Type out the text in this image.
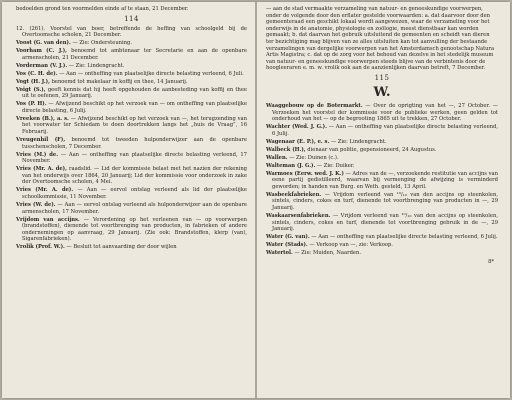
bedoelden grond ten voormelden einde af te staan, 21 December.
114
12. (261). Voorstel van boer, betreffende de heffing van schoolgeld bij de Overtoomsche scholen, 21 December.
Voost (G. van den). — Zie: Ondersteuning.
Voorham (C. J.), benoemd tot ambtenaar ter Secretarie en aan de openbare armenscholen, 21 December.
Vorderman (V. J.). — Zie: Lindengracht.
Vos (C. H. de). — Aan — ontheffing van plaatselijke directe belasting verleend, 6 Juli.
Vogt (H. J.), benoemd tot makelaar in koffij en thee, 14 Januarij.
Voigt (S.), geeft kennis dat hij heeft opgehouden de aanbesteding van koffij en thee uit te oefenen, 29 Januarij.
Vos (P. H). — Afwijzend beschikt op het verzoek van — om ontheffing van plaatselijke directe belasting, 6 Julij.
Vreeken (B.), a. s. — Afwijzend beschikt op het verzoek van —, het terugzending van het voorwater ter Schiedam te doen doortrekken langs het „huis de Vraag”, 16 Februarij.
Vreugenhil (F), benoemd tot tweeden hulponderwijzer aan de openbare tusschenscholen, 7 December.
Vries (M.) de. — Aan — ontheffing van plaatselijke directe belasting verleend, 17 November.
Vries (Mr. A. de), raadslid. — Lid der kommissie belast met het nazien der rekening van het onderwijs over 1864, 20 Januarij; Lid der kommissie voor onderzoek in zake der Overtoomsche scholen, 4 Mei.
Vries (Mr. A. de). — Aan — eervol ontslag verleend als lid der plaatselijke schoolkommissie, 11 November.
Vries (W. de). — Aan — eervol ontslag verleend als hulponderwijzer aan de openbare armenscholen, 17 November.
Vrijdom van accijns. — Verordening op het verleenen van — op voorwerpen (brandstoffen), dienende tot voortbrenging van producten, in fabrieken of andere ondernemingen op aanvraag, 29 Januarij. (Zie ook: Brandstoffen, klerp (van), Sigarenfabrieken).
Vrolik (Prof. W.). — Besluit tot aanvaarding der door wijlen
— aan de stad vermaakte verzameling van natuur- en geneeskundige voorwerpen, onder de volgende door den erflater gestelde voorwaarden: a. dat daarvoor door den gemeenteraad een geschikt lokaal wordt aangewezen, waar de verzameling voor het onderwijs in de anatomie, physiologie en zoölogie, meest dienstbaar kan worden gemaakt; b. dat daarvan het gebruik uitsluitend de gemeenten en scheidt van dieren ter bezichtiging mag blijven van ze alles uitsluiten kan tot aanvulling der bestaande verzamelingen van dergelijke voorwerpen van het Amsterdamsch genootschap Natura Artis Magistra; c. dat op de zorg voor het behoud van dezelve in het stedelijk museum van natuur- en geneeskundige voorwerpen steeds blijve van de verbintenis door de hoogleeraren e. m. w. vrolik ook aan de aanzienlijken daarvan betreft, 7 December.
115
W.
Waaggebouw op de Botermarkt. — Over de oprigting van het —, 27 October. — Verzoeken het voorstel der kommissie voor de publieke werken, geen gelden tot onderhoud van het — op de begrooting 1865 uit te trekken, 27 October.
Wachter (Wed. J. G.). — Aan — ontheffing van plaatselijke directe belasting verleend, 6 Julij.
Wagenaar (E. P.), e. s. — Zie: Lindengracht.
Walbeck (H.), dienaar van politie, gepensioneerd, 24 Augustus.
Wallen. — Zie: Duinen (c.).
Walteman (J. G.). — Zie: Duiker.
Warmoes (Eerw. wed. J. K.) — Adres van de —, verzoekende restitutie van accijns van eene partij gedistilleerd, waarvan bij vermenging de afwijzing is verminderd geworden; in handen van Burg. en Weth. gesteld, 13 April.
Wasbeekfabrieken. — Vrijdom verleend van ¹⁰/₁₀ van den accijns op steenkolen, sintels, cinders, cokes en turf, dienende tot voortbrenging van producten in —, 29 Januarij.
Waskaarsenfabrieken. — Vrijdom verleend van ¹⁰/₁₀ van den accijns op steenkolen, sintels, cinders, cokes en turf, dienende tot voortbrenging gebruik in de —, 29 Januarij.
Water (G. van). — Aan — ontheffing van plaatselijke directe belasting verleend, 6 Julij.
Water (Stads). — Verkoop van —, zie: Verkoop.
Watertol. — Zie: Muiden, Naarden.
8*
